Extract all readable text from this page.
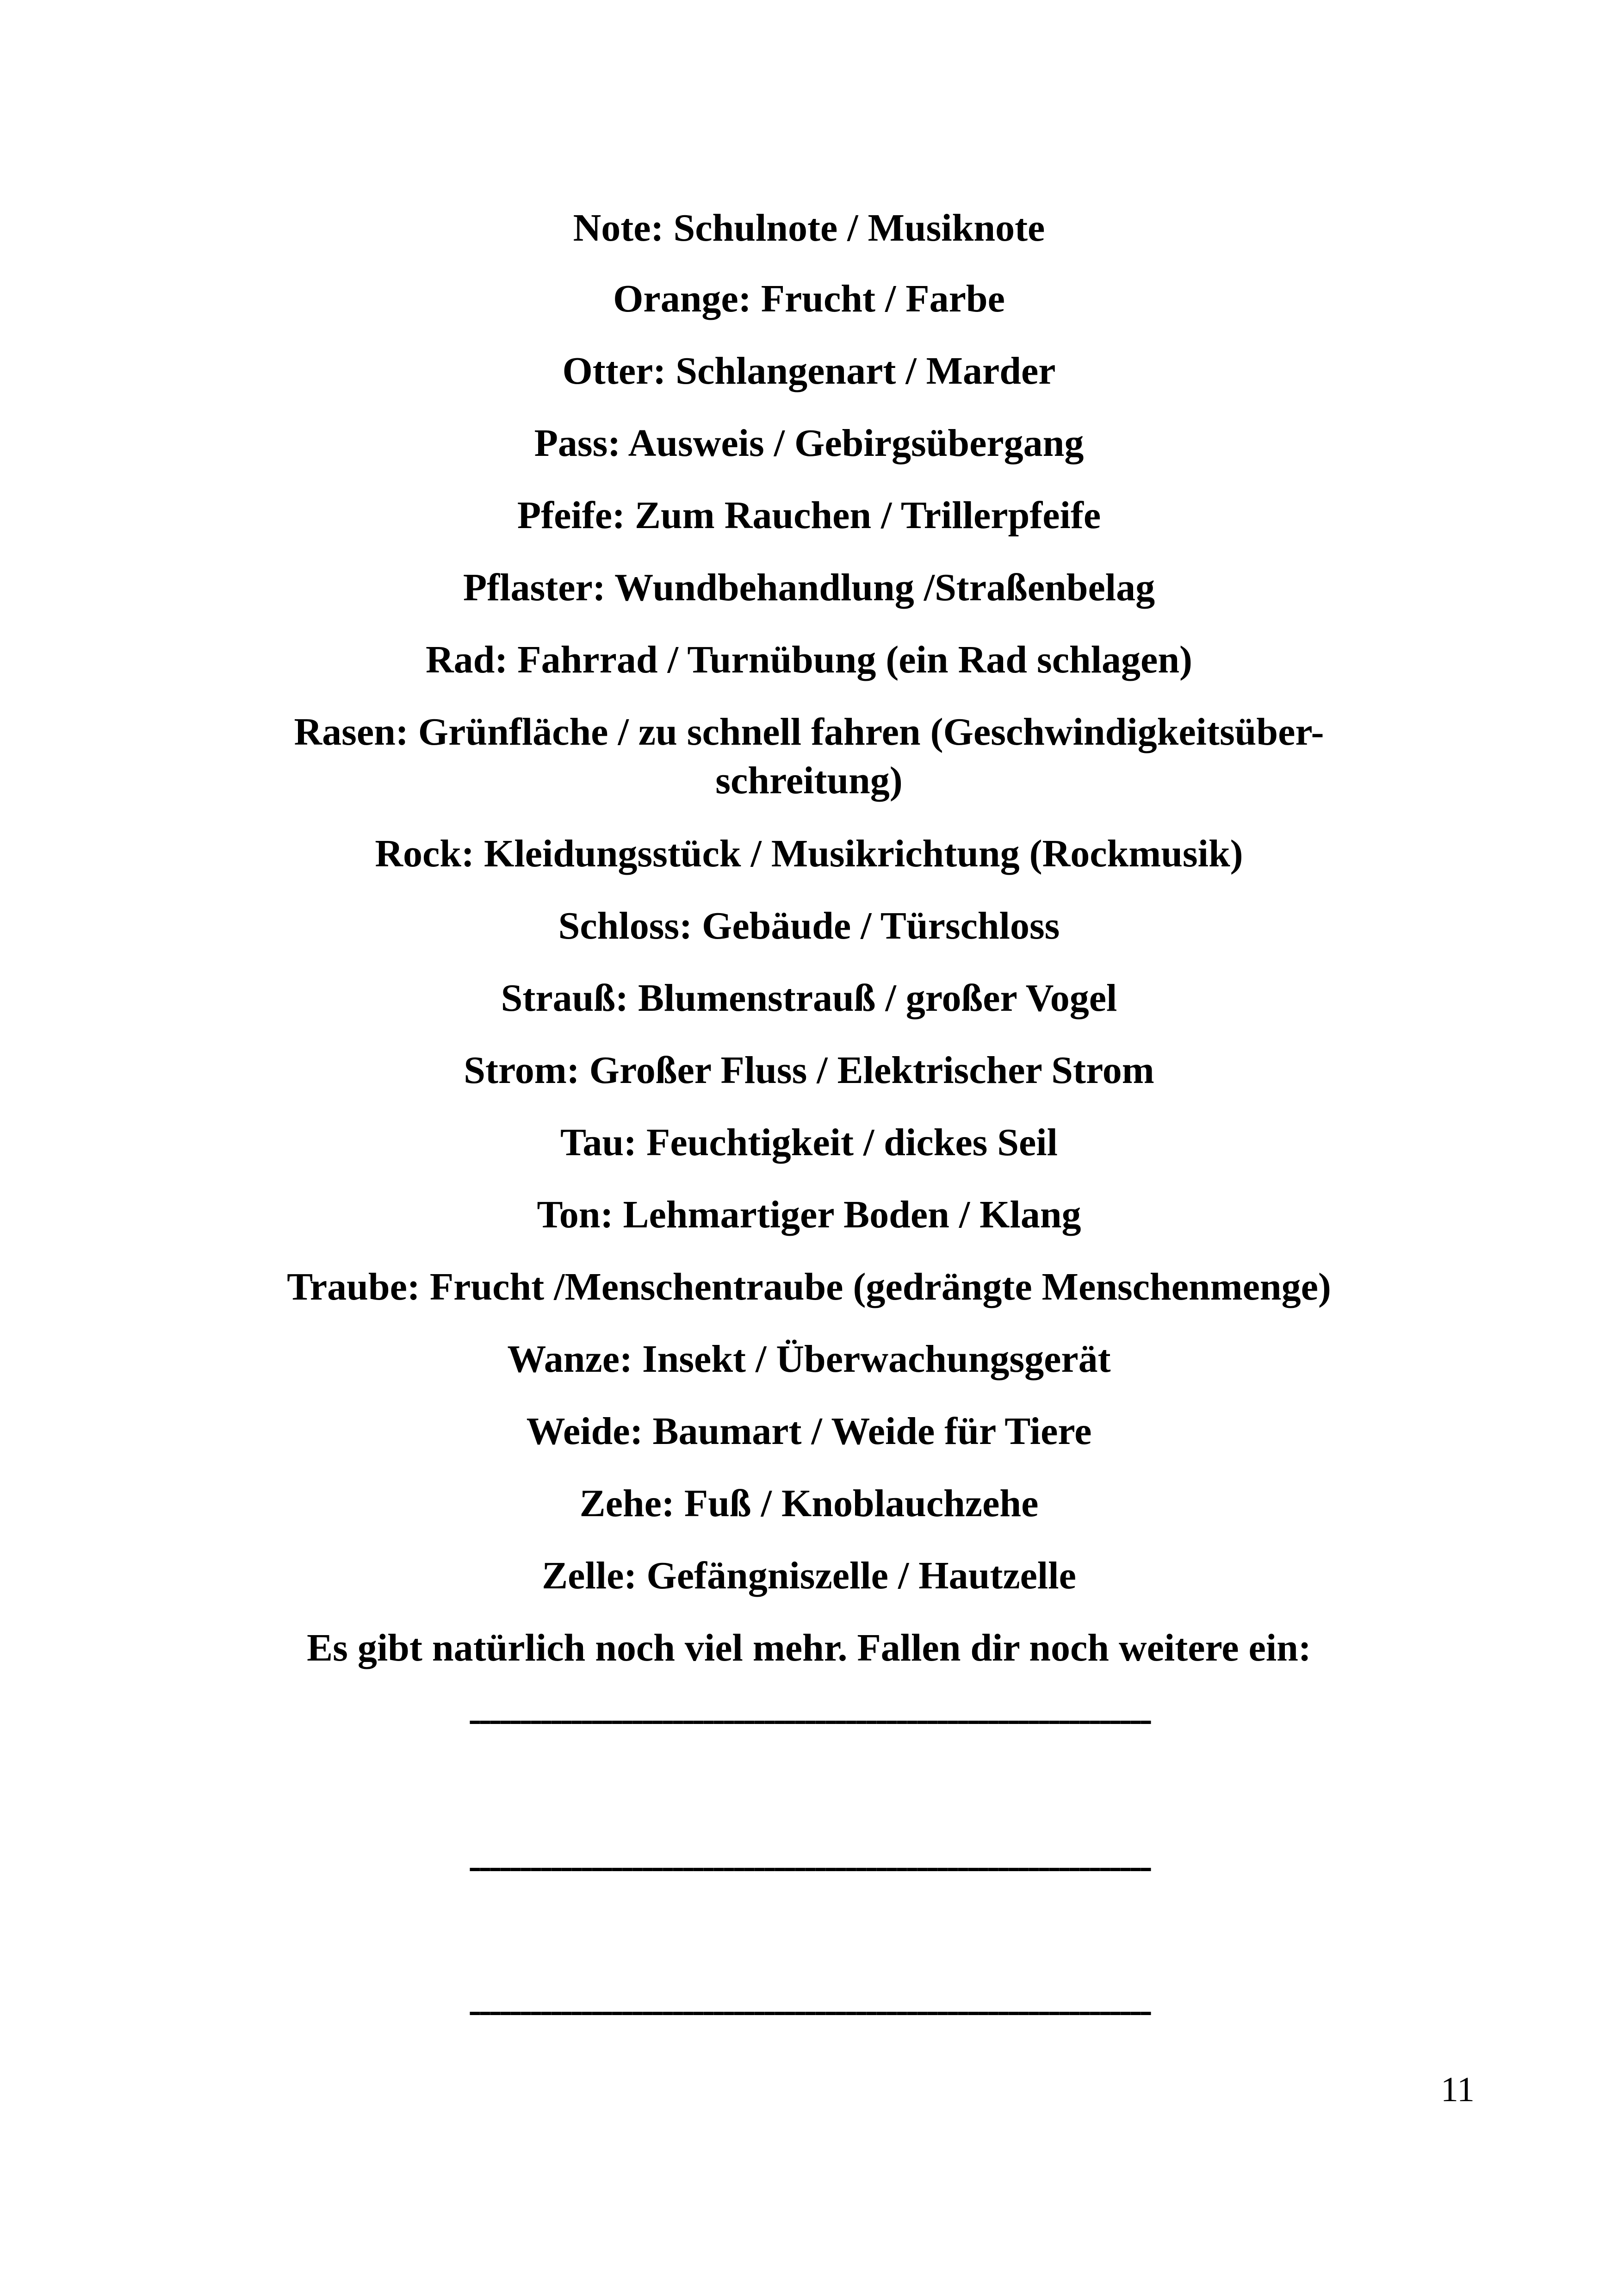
Note: Schulnote / Musiknote
Orange: Frucht / Farbe
Otter: Schlangenart / Marder
Pass: Ausweis / Gebirgsübergang
Pfeife: Zum Rauchen / Trillerpfeife
Pflaster: Wundbehandlung /Straßenbelag
Rad: Fahrrad / Turnübung (ein Rad schlagen)
Rasen: Grünfläche / zu schnell fahren (Geschwindigkeitsüber-
schreitung)
Rock: Kleidungsstück / Musikrichtung (Rockmusik)
Schloss: Gebäude / Türschloss
Strauß: Blumenstrauß / großer Vogel
Strom: Großer Fluss / Elektrischer Strom
Tau: Feuchtigkeit / dickes Seil
Ton: Lehmartiger Boden / Klang
Traube: Frucht /Menschentraube (gedrängte Menschenmenge)
Wanze: Insekt / Überwachungsgerät
Weide: Baumart / Weide für Tiere
Zehe: Fuß / Knoblauchzehe
Zelle: Gefängniszelle / Hautzelle
Es gibt natürlich noch viel mehr. Fallen dir noch weitere ein:
-------------------------------------------------------------------
-------------------------------------------------------------------
-------------------------------------------------------------------
11
